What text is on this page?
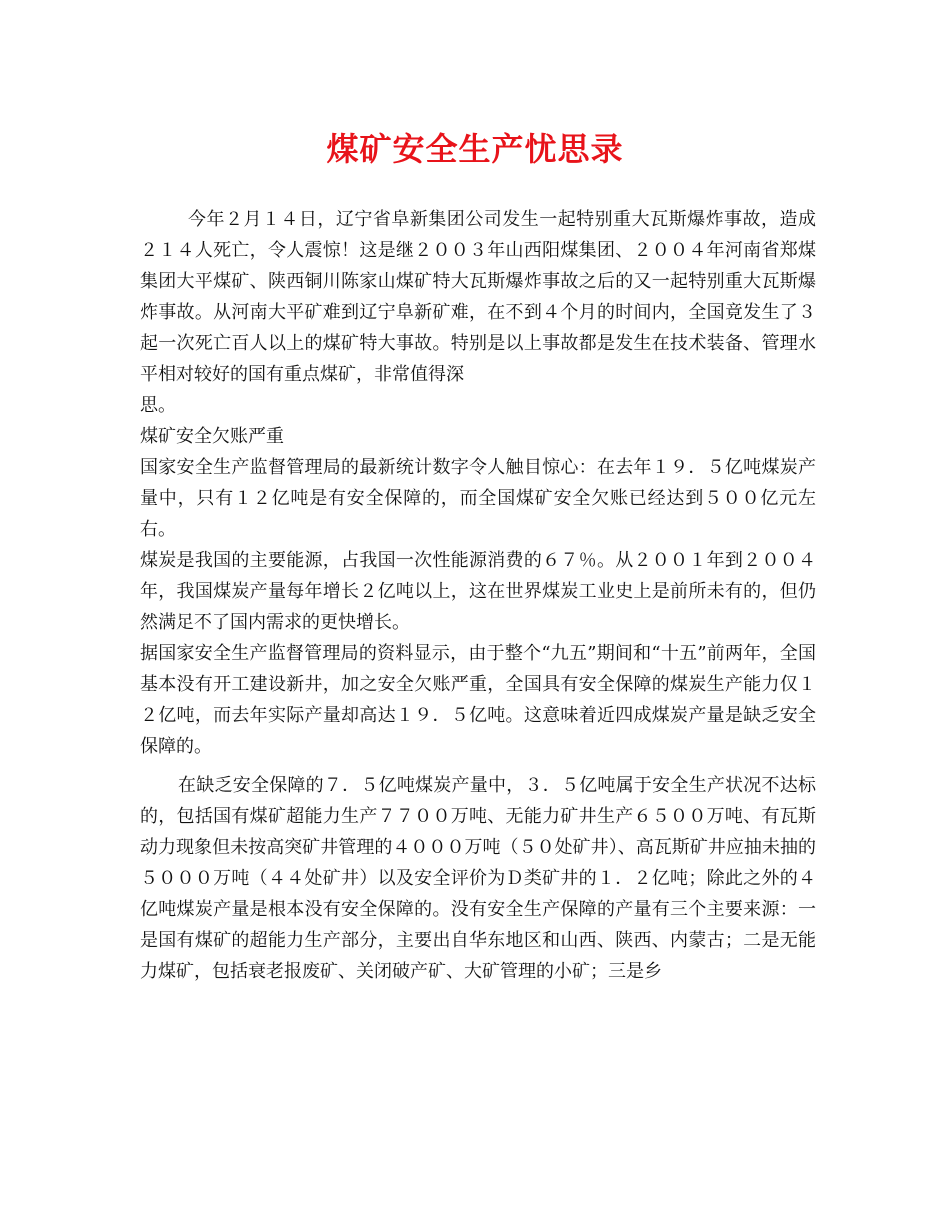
煤矿安全生产忧思录

今年２月１４日，辽宁省阜新集团公司发生一起特别重大瓦斯爆炸事故，造成２１４人死亡，令人震惊！这是继２００３年山西阳煤集团、２００４年河南省郑煤集团大平煤矿、陕西铜川陈家山煤矿特大瓦斯爆炸事故之后的又一起特别重大瓦斯爆炸事故。从河南大平矿难到辽宁阜新矿难，在不到４个月的时间内，全国竟发生了３起一次死亡百人以上的煤矿特大事故。特别是以上事故都是发生在技术装备、管理水平相对较好的国有重点煤矿，非常值得深

思。

煤矿安全欠账严重

国家安全生产监督管理局的最新统计数字令人触目惊心：在去年１９．５亿吨煤炭产量中，只有１２亿吨是有安全保障的，而全国煤矿安全欠账已经达到５００亿元左右。

煤炭是我国的主要能源，占我国一次性能源消费的６７％。从２００１年到２００４年，我国煤炭产量每年增长２亿吨以上，这在世界煤炭工业史上是前所未有的，但仍然满足不了国内需求的更快增长。

据国家安全生产监督管理局的资料显示，由于整个“九五”期间和“十五”前两年，全国基本没有开工建设新井，加之安全欠账严重，全国具有安全保障的煤炭生产能力仅１２亿吨，而去年实际产量却高达１９．５亿吨。这意味着近四成煤炭产量是缺乏安全保障的。

在缺乏安全保障的７．５亿吨煤炭产量中，３．５亿吨属于安全生产状况不达标的，包括国有煤矿超能力生产７７００万吨、无能力矿井生产６５００万吨、有瓦斯动力现象但未按高突矿井管理的４０００万吨（５０处矿井）、高瓦斯矿井应抽未抽的５０００万吨（４４处矿井）以及安全评价为Ｄ类矿井的１．２亿吨；除此之外的４亿吨煤炭产量是根本没有安全保障的。没有安全生产保障的产量有三个主要来源：一是国有煤矿的超能力生产部分，主要出自华东地区和山西、陕西、内蒙古；二是无能力煤矿，包括衰老报废矿、关闭破产矿、大矿管理的小矿；三是乡
